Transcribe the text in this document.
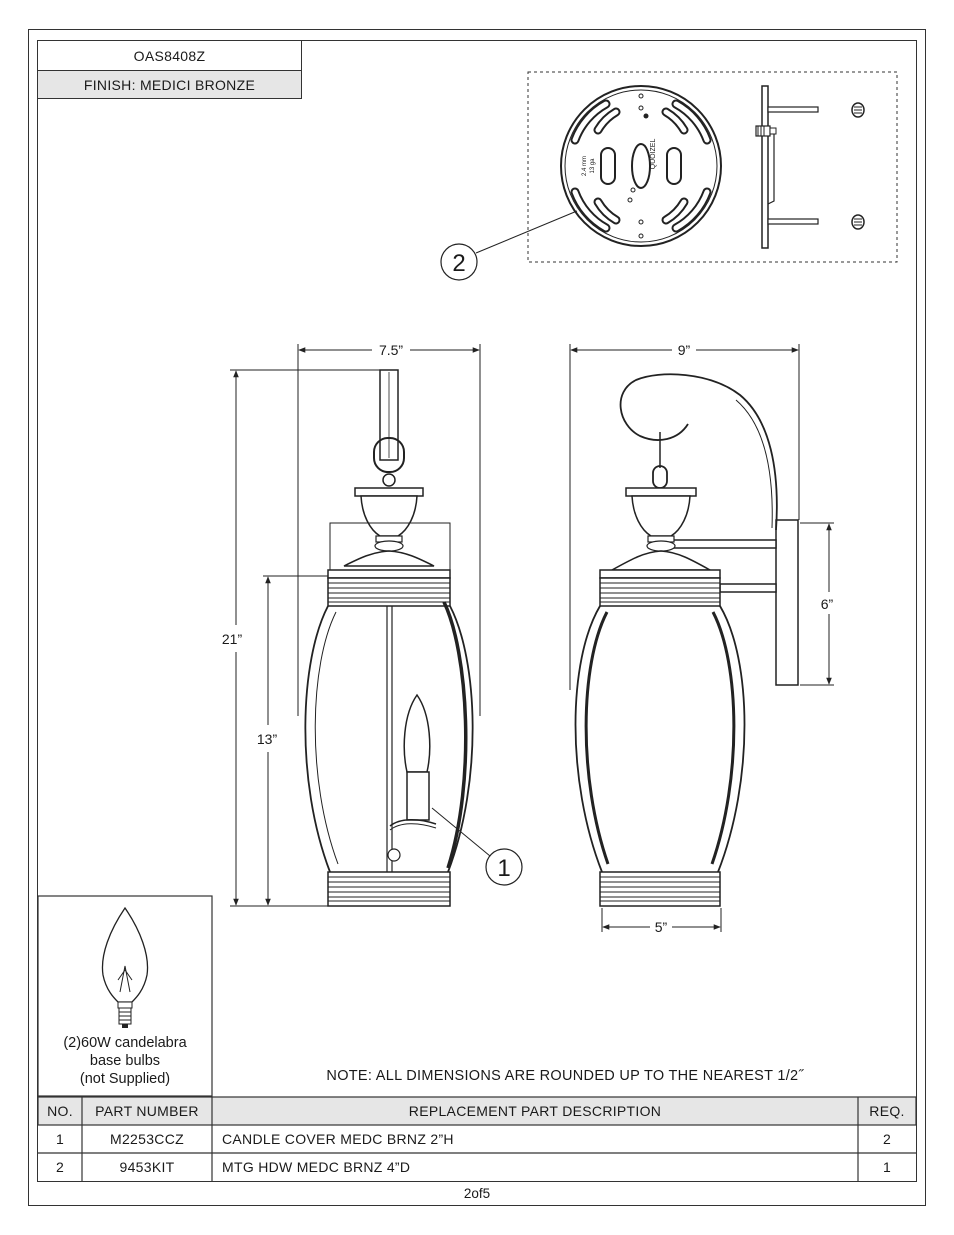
OAS8408Z
FINISH: MEDICI BRONZE
QUOIZEL
2.4 mm 13 ga
2
7.5”
21”
13”
1
9”
6”
5”
(2)60W candelabra
base bulbs
(not Supplied)	NOTE: ALL DIMENSIONS ARE ROUNDED UP TO THE NEAREST 1/2˝
NO.	PART NUMBER	REPLACEMENT PART DESCRIPTION	REQ.
1	M2253CCZ	CANDLE COVER MEDC BRNZ 2”H	2
2	9453KIT	MTG HDW MEDC BRNZ 4”D	1
2of5
